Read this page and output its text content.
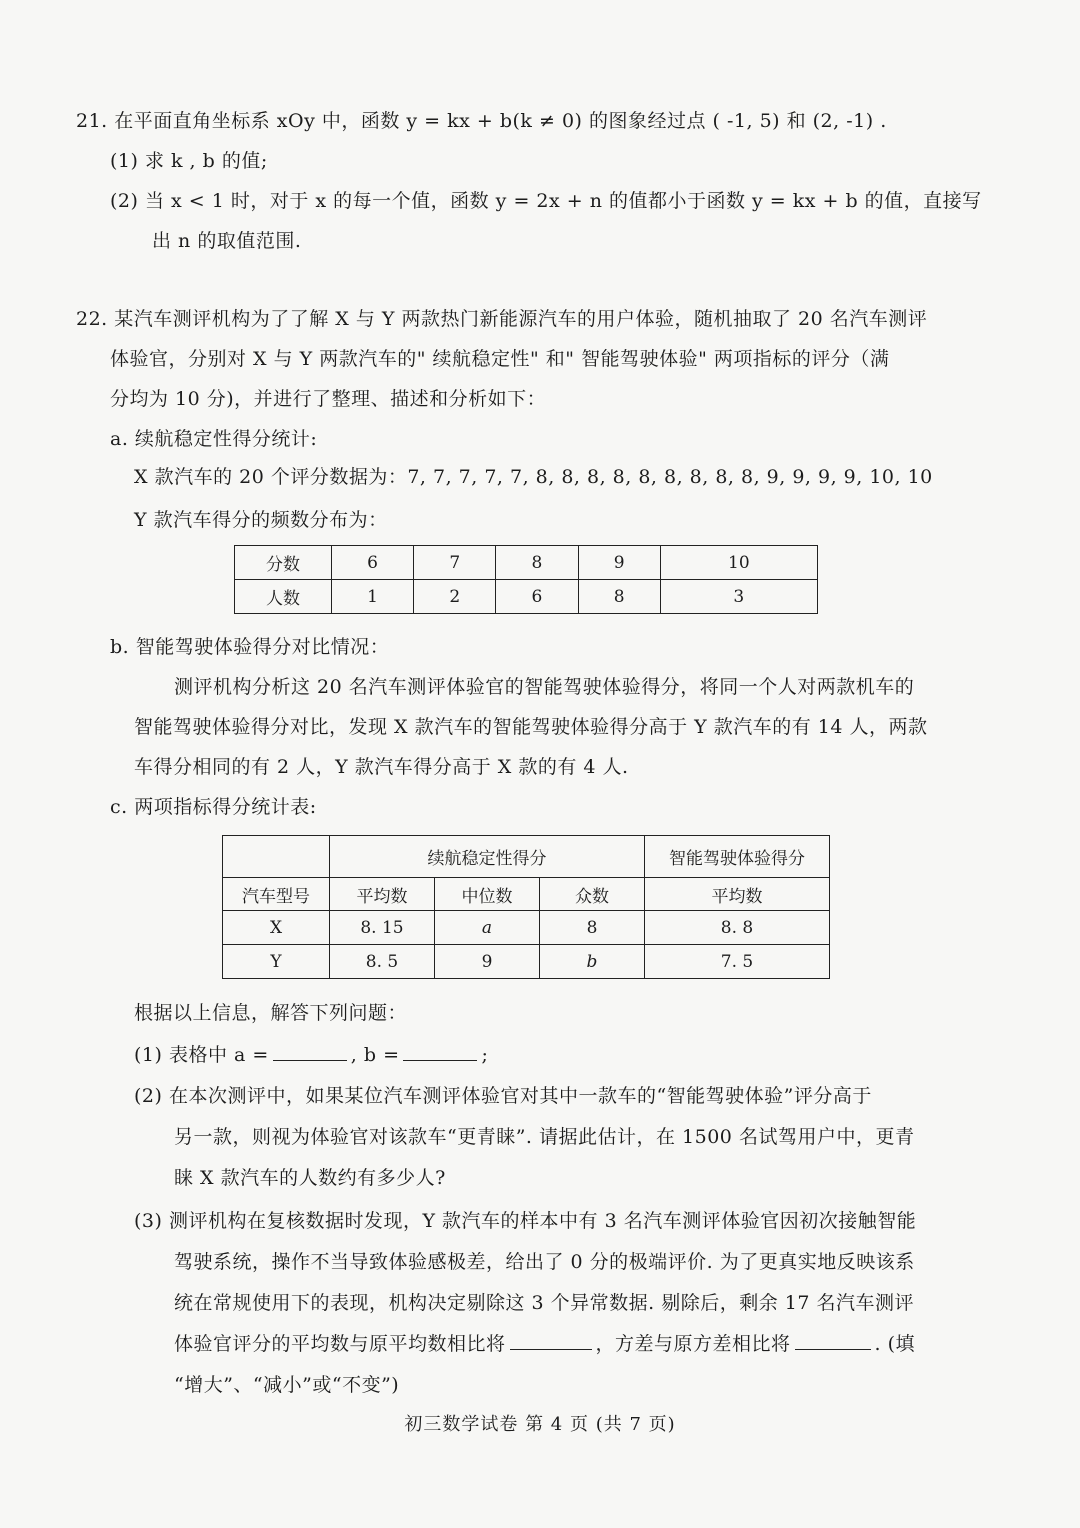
21. 在平面直角坐标系 xOy 中，函数 y = kx + b(k ≠ 0) 的图象经过点 ( -1, 5) 和 (2, -1) .
(1) 求 k , b 的值;
(2) 当 x < 1 时，对于 x 的每一个值，函数 y = 2x + n 的值都小于函数 y = kx + b 的值，直接写
出 n 的取值范围.
22. 某汽车测评机构为了了解 X 与 Y 两款热门新能源汽车的用户体验，随机抽取了 20 名汽车测评
体验官，分别对 X 与 Y 两款汽车的" 续航稳定性" 和" 智能驾驶体验" 两项指标的评分（满
分均为 10 分)，并进行了整理、描述和分析如下：
a. 续航稳定性得分统计:
X 款汽车的 20 个评分数据为：7, 7, 7, 7, 7, 8, 8, 8, 8, 8, 8, 8, 8, 8, 9, 9, 9, 9, 10, 10
Y 款汽车得分的频数分布为：
分数	6	7	8	9	10
人数	1	2	6	8	3
b. 智能驾驶体验得分对比情况：
测评机构分析这 20 名汽车测评体验官的智能驾驶体验得分，将同一个人对两款机车的
智能驾驶体验得分对比，发现 X 款汽车的智能驾驶体验得分高于 Y 款汽车的有 14 人，两款
车得分相同的有 2 人，Y 款汽车得分高于 X 款的有 4 人.
c. 两项指标得分统计表:
	续航稳定性得分			智能驾驶体验得分
汽车型号	平均数	中位数	众数	平均数
X	8. 15	a	8	8. 8
Y	8. 5	9	b	7. 5
根据以上信息，解答下列问题：
(1) 表格中 a =	, b =	;
(2) 在本次测评中，如果某位汽车测评体验官对其中一款车的“智能驾驶体验”评分高于
另一款，则视为体验官对该款车“更青睐”. 请据此估计，在 1500 名试驾用户中，更青
睐 X 款汽车的人数约有多少人?
(3) 测评机构在复核数据时发现，Y 款汽车的样本中有 3 名汽车测评体验官因初次接触智能
驾驶系统，操作不当导致体验感极差，给出了 0 分的极端评价. 为了更真实地反映该系
统在常规使用下的表现，机构决定剔除这 3 个异常数据. 剔除后，剩余 17 名汽车测评
体验官评分的平均数与原平均数相比将	，方差与原方差相比将	. (填
“增大”、“减小”或“不变”)
初三数学试卷 第 4 页 (共 7 页)
